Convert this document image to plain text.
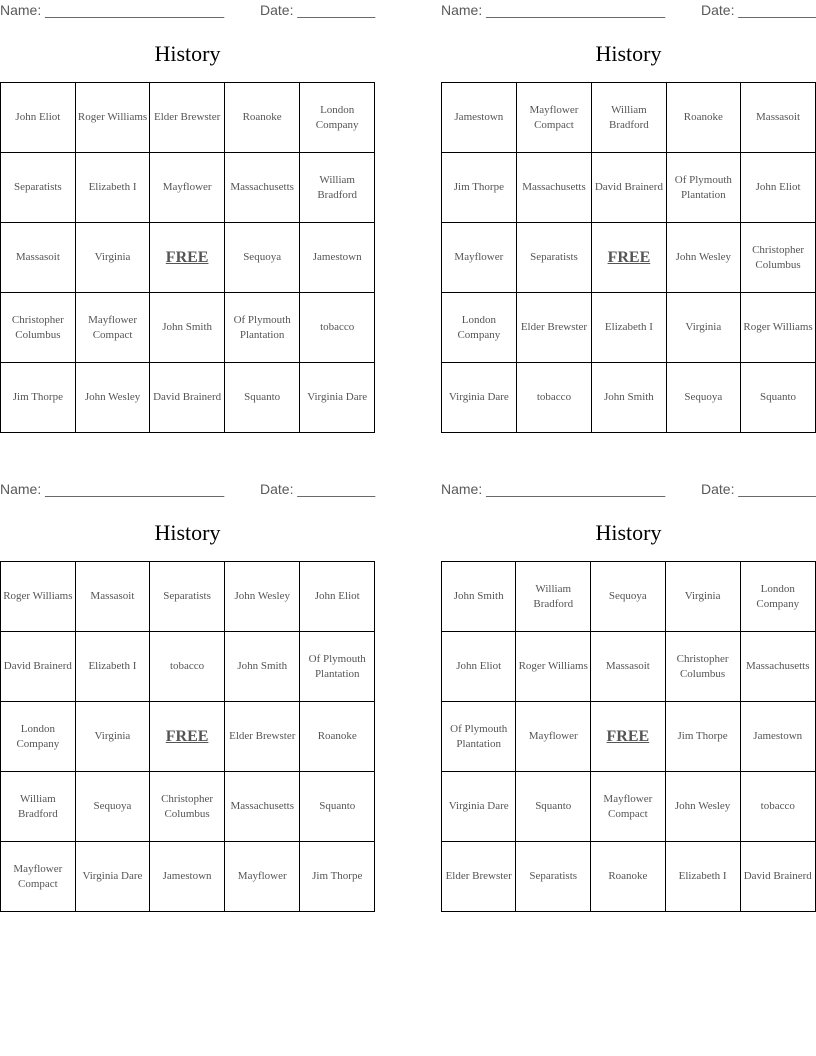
Name: _______________________	Date: __________
History
John Eliot	Roger Williams	Elder Brewster	Roanoke	London Company
Separatists	Elizabeth I	Mayflower	Massachusetts	William Bradford
Massasoit	Virginia	FREE	Sequoya	Jamestown
Christopher Columbus	Mayflower Compact	John Smith	Of Plymouth Plantation	tobacco
Jim Thorpe	John Wesley	David Brainerd	Squanto	Virginia Dare
Name: _______________________	Date: __________
History
Jamestown	Mayflower Compact	William Bradford	Roanoke	Massasoit
Jim Thorpe	Massachusetts	David Brainerd	Of Plymouth Plantation	John Eliot
Mayflower	Separatists	FREE	John Wesley	Christopher Columbus
London Company	Elder Brewster	Elizabeth I	Virginia	Roger Williams
Virginia Dare	tobacco	John Smith	Sequoya	Squanto
Name: _______________________	Date: __________
History
Roger Williams	Massasoit	Separatists	John Wesley	John Eliot
David Brainerd	Elizabeth I	tobacco	John Smith	Of Plymouth Plantation
London Company	Virginia	FREE	Elder Brewster	Roanoke
William Bradford	Sequoya	Christopher Columbus	Massachusetts	Squanto
Mayflower Compact	Virginia Dare	Jamestown	Mayflower	Jim Thorpe
Name: _______________________	Date: __________
History
John Smith	William Bradford	Sequoya	Virginia	London Company
John Eliot	Roger Williams	Massasoit	Christopher Columbus	Massachusetts
Of Plymouth Plantation	Mayflower	FREE	Jim Thorpe	Jamestown
Virginia Dare	Squanto	Mayflower Compact	John Wesley	tobacco
Elder Brewster	Separatists	Roanoke	Elizabeth I	David Brainerd
